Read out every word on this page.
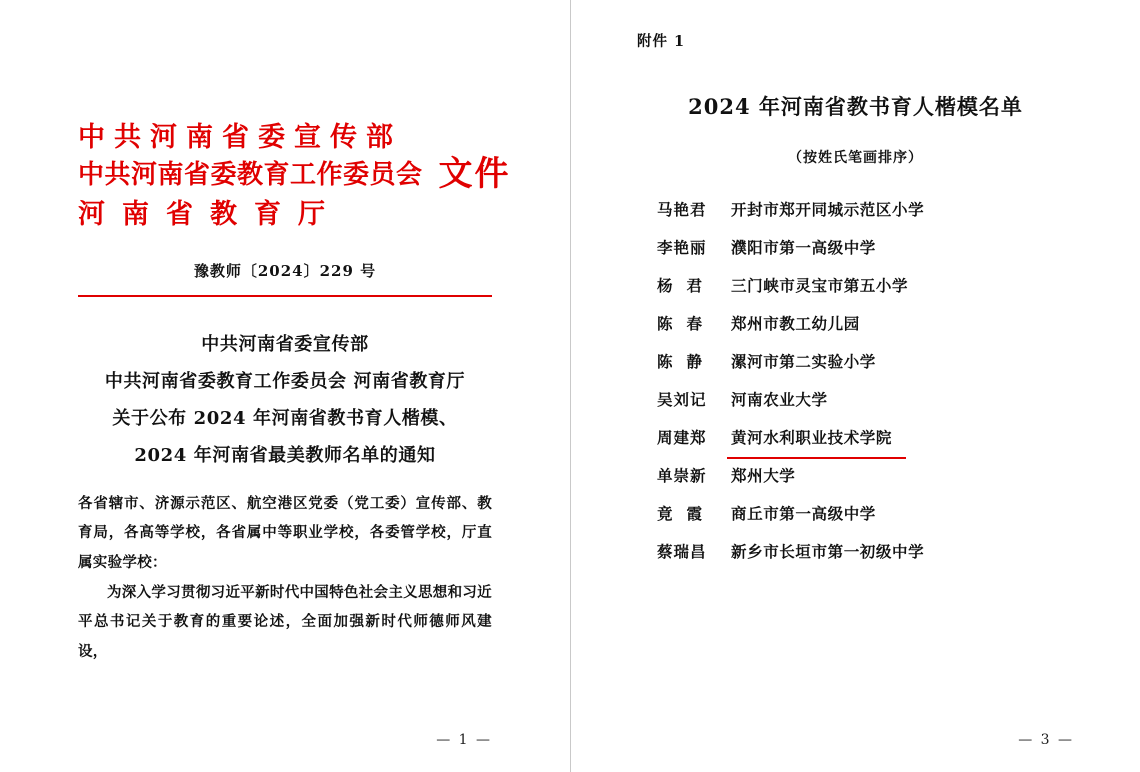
中共河南省委宣传部
中共河南省委教育工作委员会 文件
河南省教育厅
豫教师〔2024〕229 号
中共河南省委宣传部
中共河南省委教育工作委员会 河南省教育厅
关于公布 2024 年河南省教书育人楷模、
2024 年河南省最美教师名单的通知

各省辖市、济源示范区、航空港区党委（党工委）宣传部、教育局，各高等学校，各省属中等职业学校，各委管学校，厅直属实验学校：

为深入学习贯彻习近平新时代中国特色社会主义思想和习近平总书记关于教育的重要论述，全面加强新时代师德师风建设，

— 1 —
附件 1
2024 年河南省教书育人楷模名单
（按姓氏笔画排序）
马艳君	开封市郑开同城示范区小学
李艳丽	濮阳市第一高级中学
杨君 三门峡市灵宝市第五小学
陈春 郑州市教工幼儿园
陈静 漯河市第二实验小学
吴刘记	河南农业大学
周建郑	黄河水利职业技术学院
单崇新	郑州大学
竟霞 商丘市第一高级中学
蔡瑞昌	新乡市长垣市第一初级中学
— 3 —
